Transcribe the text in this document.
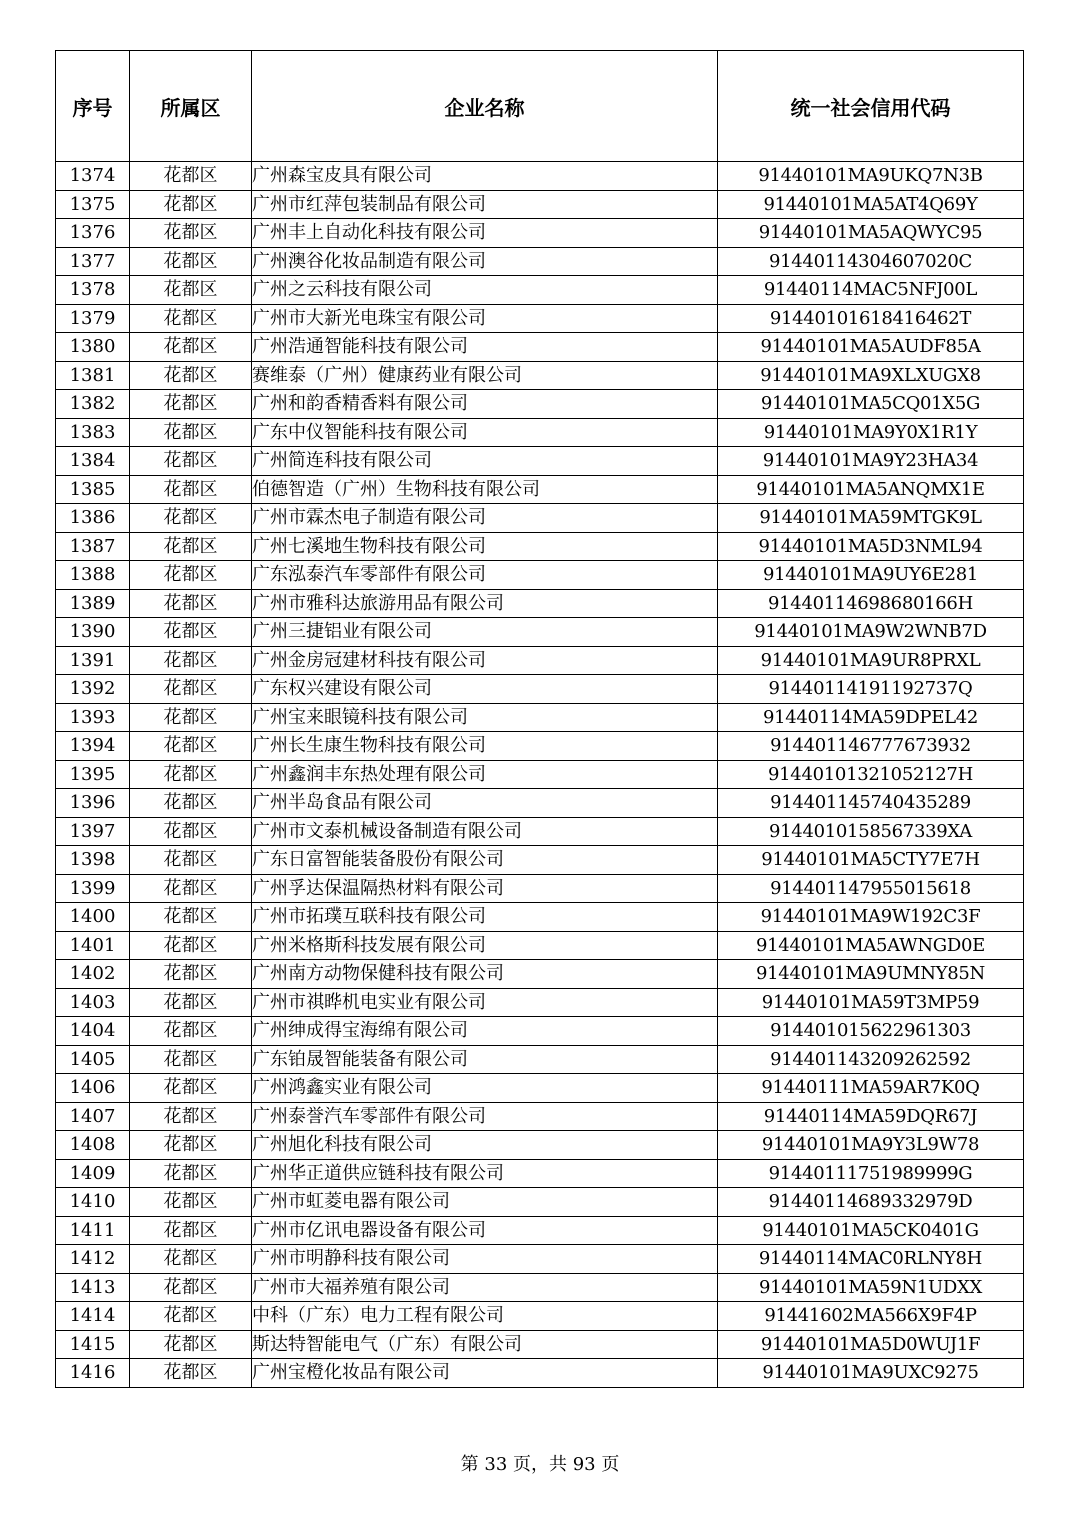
序号	所属区	企业名称	统一社会信用代码
1374	花都区	广州森宝皮具有限公司	91440101MA9UKQ7N3B
1375	花都区	广州市红萍包装制品有限公司	91440101MA5AT4Q69Y
1376	花都区	广州丰上自动化科技有限公司	91440101MA5AQWYC95
1377	花都区	广州澳谷化妆品制造有限公司	91440114304607020C
1378	花都区	广州之云科技有限公司	91440114MAC5NFJ00L
1379	花都区	广州市大新光电珠宝有限公司	91440101618416462T
1380	花都区	广州浩通智能科技有限公司	91440101MA5AUDF85A
1381	花都区	赛维泰（广州）健康药业有限公司	91440101MA9XLXUGX8
1382	花都区	广州和韵香精香料有限公司	91440101MA5CQ01X5G
1383	花都区	广东中仪智能科技有限公司	91440101MA9Y0X1R1Y
1384	花都区	广州简连科技有限公司	91440101MA9Y23HA34
1385	花都区	伯德智造（广州）生物科技有限公司	91440101MA5ANQMX1E
1386	花都区	广州市霖杰电子制造有限公司	91440101MA59MTGK9L
1387	花都区	广州七溪地生物科技有限公司	91440101MA5D3NML94
1388	花都区	广东泓泰汽车零部件有限公司	91440101MA9UY6E281
1389	花都区	广州市雅科达旅游用品有限公司	91440114698680166H
1390	花都区	广州三捷铝业有限公司	91440101MA9W2WNB7D
1391	花都区	广州金房冠建材科技有限公司	91440101MA9UR8PRXL
1392	花都区	广东权兴建设有限公司	91440114191192737Q
1393	花都区	广州宝来眼镜科技有限公司	91440114MA59DPEL42
1394	花都区	广州长生康生物科技有限公司	914401146777673932
1395	花都区	广州鑫润丰东热处理有限公司	91440101321052127H
1396	花都区	广州半岛食品有限公司	914401145740435289
1397	花都区	广州市文泰机械设备制造有限公司	9144010158567339XA
1398	花都区	广东日富智能装备股份有限公司	91440101MA5CTY7E7H
1399	花都区	广州孚达保温隔热材料有限公司	914401147955015618
1400	花都区	广州市拓璞互联科技有限公司	91440101MA9W192C3F
1401	花都区	广州米格斯科技发展有限公司	91440101MA5AWNGD0E
1402	花都区	广州南方动物保健科技有限公司	91440101MA9UMNY85N
1403	花都区	广州市祺晔机电实业有限公司	91440101MA59T3MP59
1404	花都区	广州绅成得宝海绵有限公司	914401015622961303
1405	花都区	广东铂晟智能装备有限公司	914401143209262592
1406	花都区	广州鸿鑫实业有限公司	91440111MA59AR7K0Q
1407	花都区	广州泰誉汽车零部件有限公司	91440114MA59DQR67J
1408	花都区	广州旭化科技有限公司	91440101MA9Y3L9W78
1409	花都区	广州华正道供应链科技有限公司	91440111751989999G
1410	花都区	广州市虹菱电器有限公司	91440114689332979D
1411	花都区	广州市亿讯电器设备有限公司	91440101MA5CK0401G
1412	花都区	广州市明静科技有限公司	91440114MAC0RLNY8H
1413	花都区	广州市大福养殖有限公司	91440101MA59N1UDXX
1414	花都区	中科（广东）电力工程有限公司	91441602MA566X9F4P
1415	花都区	斯达特智能电气（广东）有限公司	91440101MA5D0WUJ1F
1416	花都区	广州宝橙化妆品有限公司	91440101MA9UXC9275
第 33 页，共 93 页
